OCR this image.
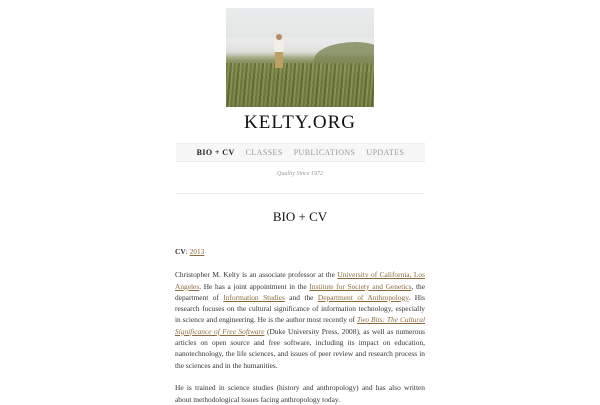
KELTY.ORG
BIO + CV CLASSES PUBLICATIONS UPDATES
Quality Since 1972
BIO + CV

CV: 2013

Christopher M. Kelty is an associate professor at the University of California, Los Angeles. He has a joint appointment in the Institute for Society and Genetics, the department of Information Studies and the Department of Anthropology. His research focuses on the cultural significance of information technology, especially in science and engineering. He is the author most recently of Two Bits: The Cultural Significance of Free Software (Duke University Press, 2008), as well as numerous articles on open source and free software, including its impact on education, nanotechnology, the life sciences, and issues of peer review and research process in the sciences and in the humanities.

He is trained in science studies (history and anthropology) and has also written about methodological issues facing anthropology today.
